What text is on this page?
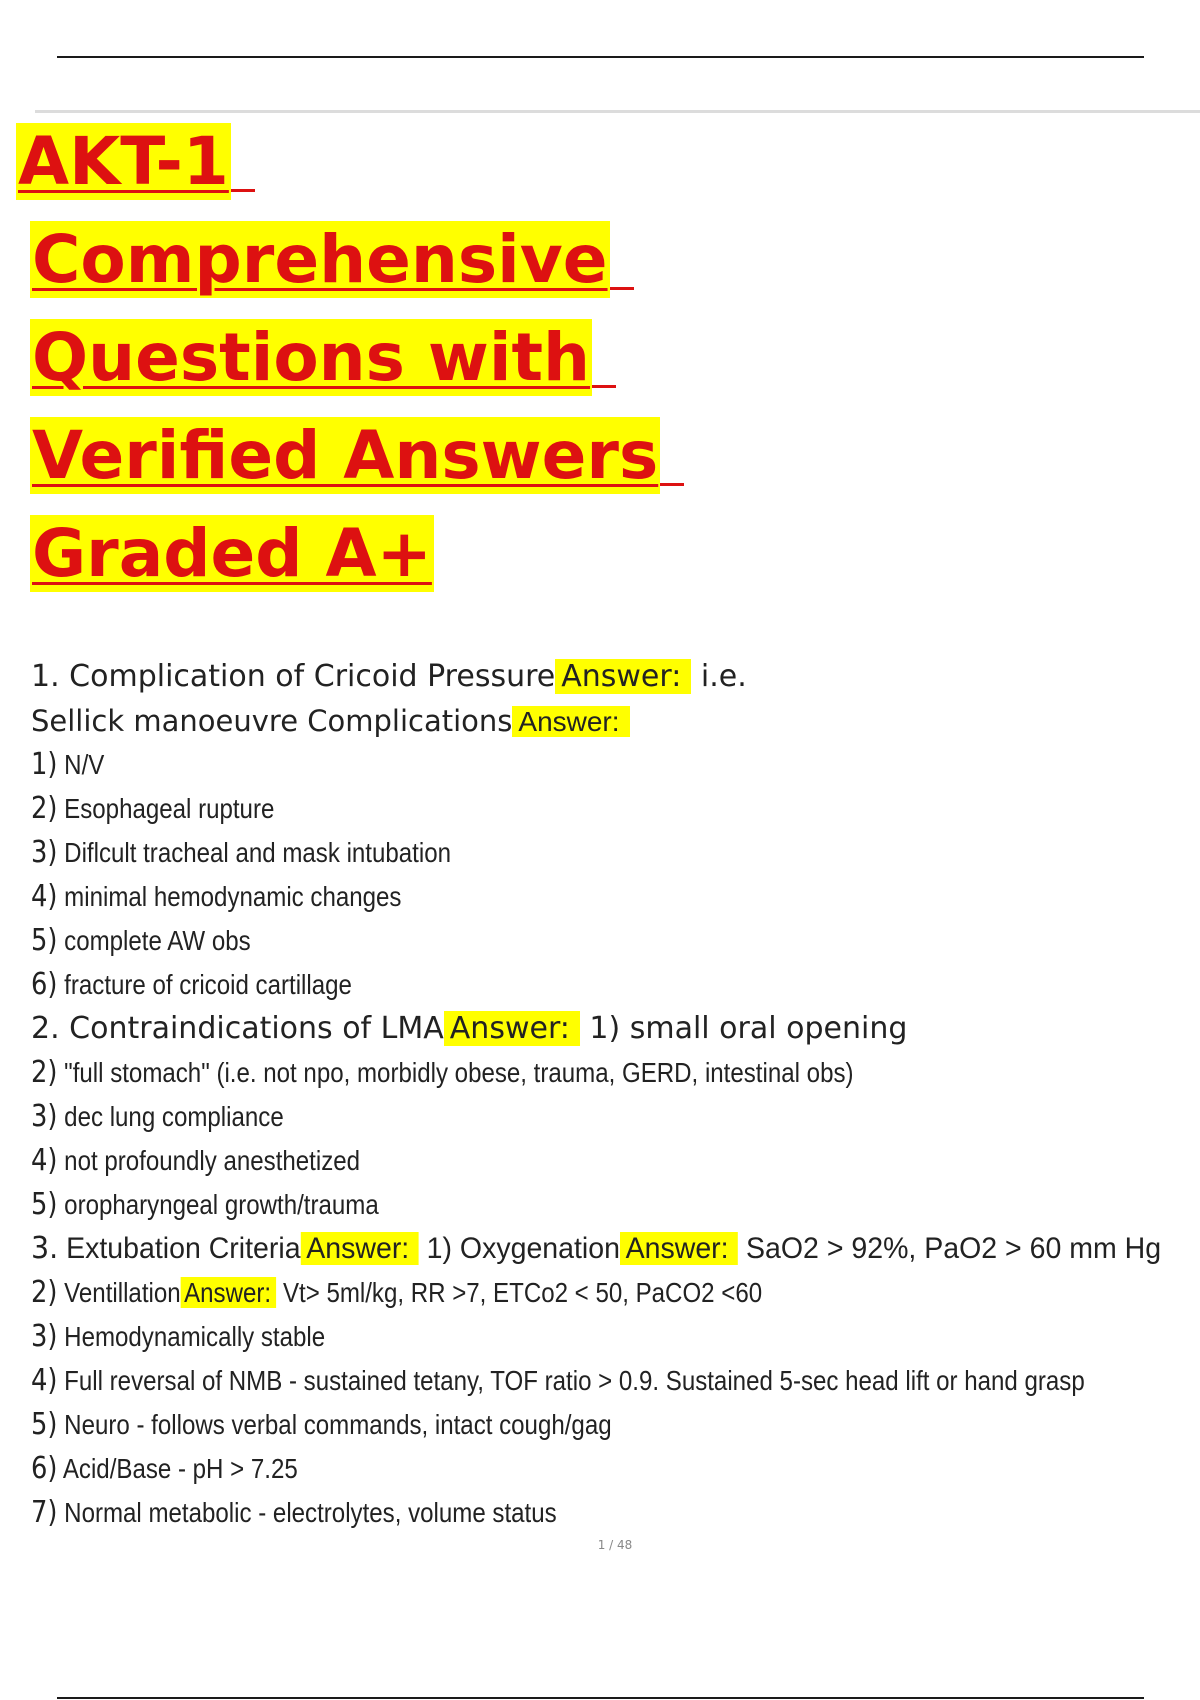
AKT-1
Comprehensive
Questions with
Verified Answers
Graded A+
1. Complication of Cricoid Pressure Answer: i.e.
Sellick manoeuvre Complications Answer:
1) N/V
2) Esophageal rupture
3) Diflcult tracheal and mask intubation
4) minimal hemodynamic changes
5) complete AW obs
6) fracture of cricoid cartillage
2. Contraindications of LMA Answer: 1) small oral opening
2) "full stomach" (i.e. not npo, morbidly obese, trauma, GERD, intestinal obs)
3) dec lung compliance
4) not profoundly anesthetized
5) oropharyngeal growth/trauma
3. Extubation Criteria Answer: 1) Oxygenation Answer: SaO2 > 92%, PaO2 > 60 mm Hg
2) Ventillation Answer: Vt> 5ml/kg, RR >7, ETCo2 < 50, PaCO2 <60
3) Hemodynamically stable
4) Full reversal of NMB - sustained tetany, TOF ratio > 0.9. Sustained 5-sec head lift or hand grasp
5) Neuro - follows verbal commands, intact cough/gag
6) Acid/Base - pH > 7.25
7) Normal metabolic - electrolytes, volume status
1 / 48
